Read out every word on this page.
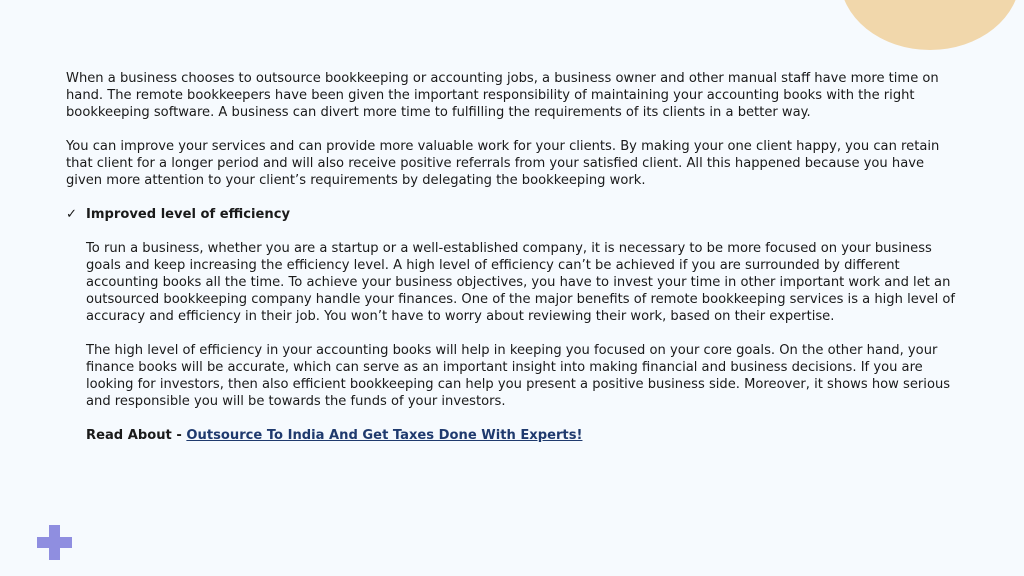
When a business chooses to outsource bookkeeping or accounting jobs, a business owner and other manual staff have more time on hand. The remote bookkeepers have been given the important responsibility of maintaining your accounting books with the right bookkeeping software. A business can divert more time to fulfilling the requirements of its clients in a better way.

You can improve your services and can provide more valuable work for your clients. By making your one client happy, you can retain that client for a longer period and will also receive positive referrals from your satisfied client. All this happened because you have given more attention to your client’s requirements by delegating the bookkeeping work.

✓ Improved level of efficiency

To run a business, whether you are a startup or a well-established company, it is necessary to be more focused on your business goals and keep increasing the efficiency level. A high level of efficiency can’t be achieved if you are surrounded by different accounting books all the time. To achieve your business objectives, you have to invest your time in other important work and let an outsourced bookkeeping company handle your finances. One of the major benefits of remote bookkeeping services is a high level of accuracy and efficiency in their job. You won’t have to worry about reviewing their work, based on their expertise.

The high level of efficiency in your accounting books will help in keeping you focused on your core goals. On the other hand, your finance books will be accurate, which can serve as an important insight into making financial and business decisions. If you are looking for investors, then also efficient bookkeeping can help you present a positive business side. Moreover, it shows how serious and responsible you will be towards the funds of your investors.

Read About - Outsource To India And Get Taxes Done With Experts!
